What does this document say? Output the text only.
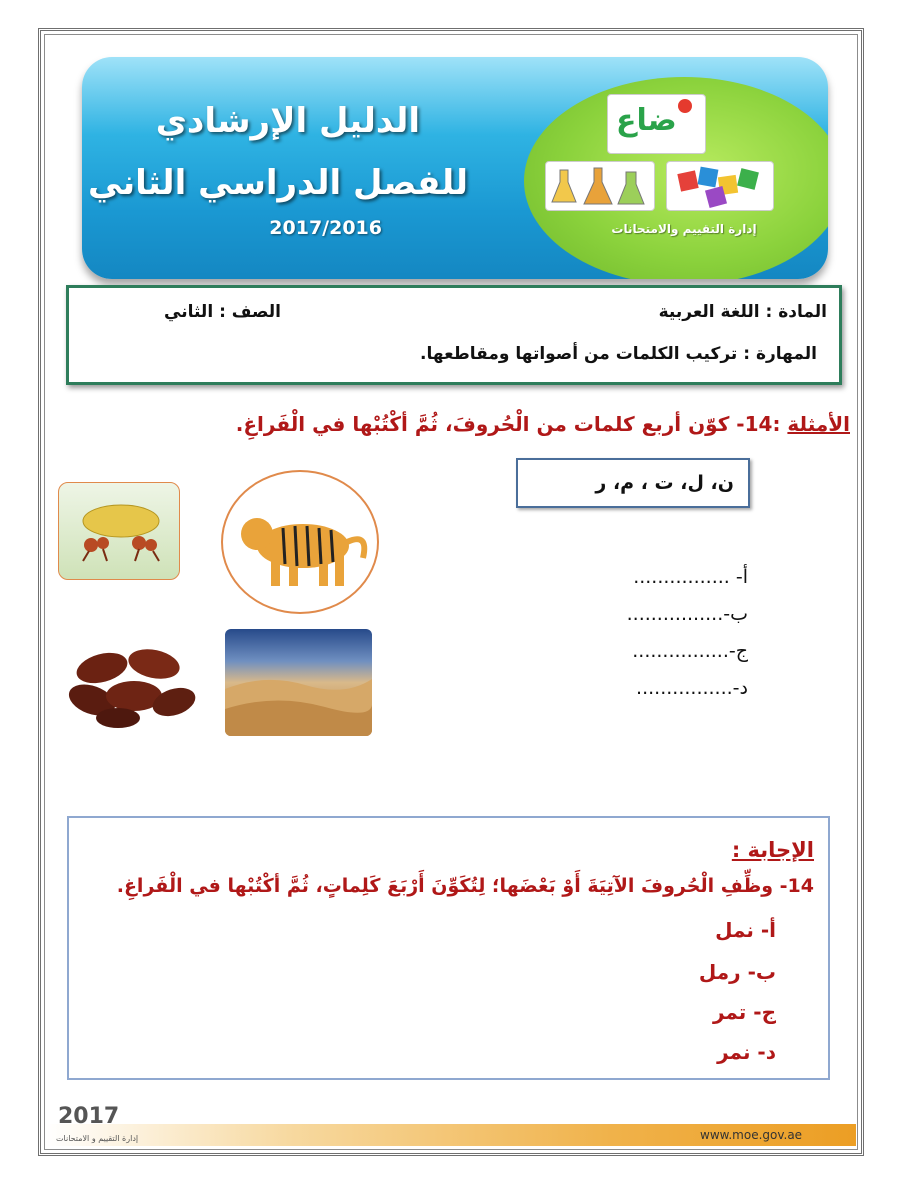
ضاع
إدارة التقييم والامتحانات
الدليل الإرشادي
للفصل الدراسي الثاني
2017/2016
المادة : اللغة العربية
الصف : الثاني
المهارة : تركيب الكلمات من أصواتها ومقاطعها.
الأمثلة :14- كوّن أربع كلمات من الْحُروفَ، ثُمَّ أكْتُبْها في الْفَراغِ.
ن، ل، ت ، م، ر
أ- ................
ب-................
ج-................
د-................
الإجابة :
14- وظِّفِ الْحُروفَ الآتِيَةَ أَوْ بَعْضَها؛ لِتُكَوِّنَ أَرْبَعَ كَلِماتٍ، ثُمَّ أكْتُبْها في الْفَراغِ.
أ- نمل
ب- رمل
ج- تمر
د- نمر
2017
إدارة التقييم و الامتحانات	www.moe.gov.ae
